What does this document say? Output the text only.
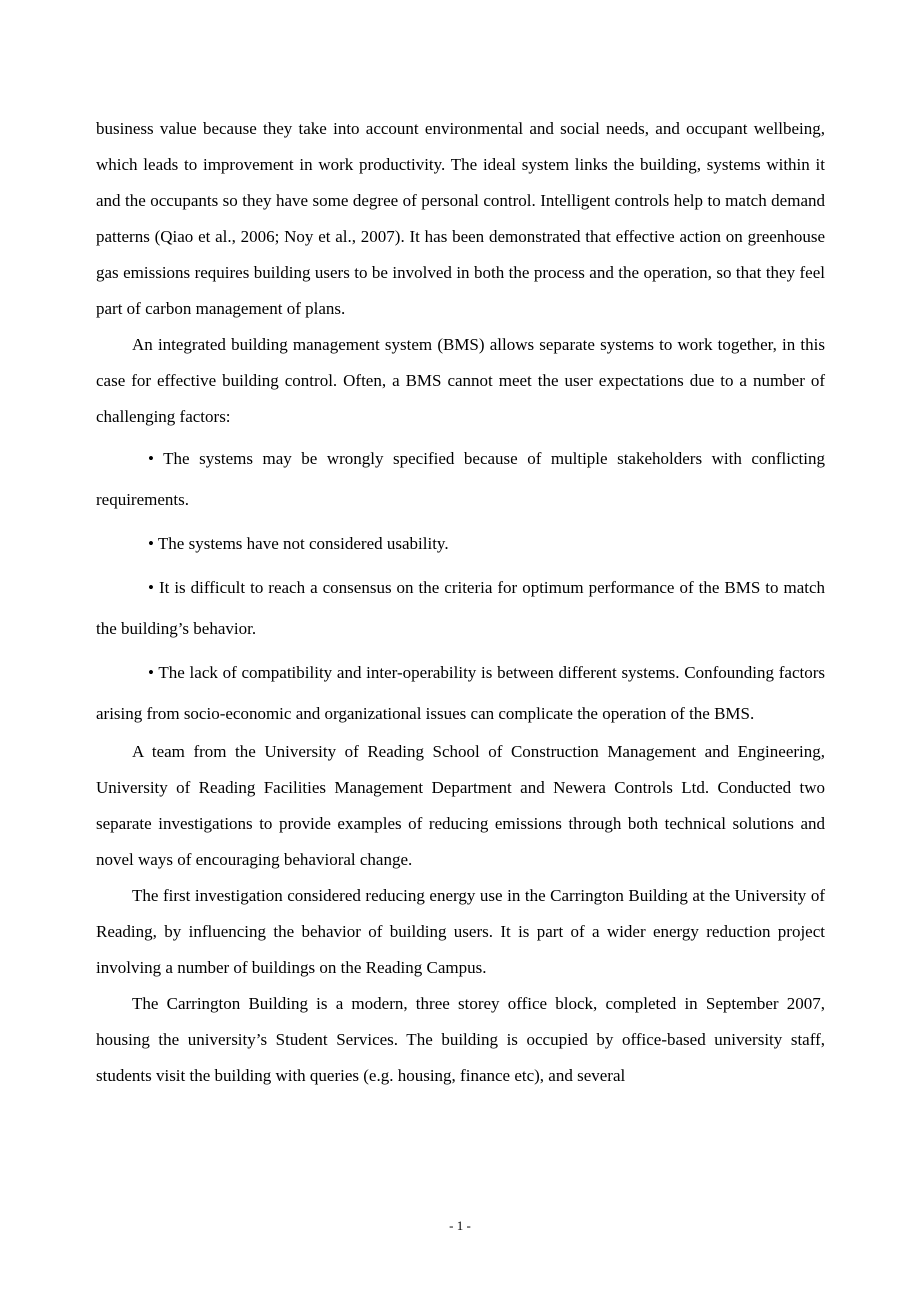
business value because they take into account environmental and social needs, and occupant wellbeing, which leads to improvement in work productivity. The ideal system links the building, systems within it and the occupants so they have some degree of personal control. Intelligent controls help to match demand patterns (Qiao et al., 2006; Noy et al., 2007). It has been demonstrated that effective action on greenhouse gas emissions requires building users to be involved in both the process and the operation, so that they feel part of carbon management of plans.

An integrated building management system (BMS) allows separate systems to work together, in this case for effective building control. Often, a BMS cannot meet the user expectations due to a number of challenging factors:

• The systems may be wrongly specified because of multiple stakeholders with conflicting requirements.

• The systems have not considered usability.

• It is difficult to reach a consensus on the criteria for optimum performance of the BMS to match the building’s behavior.

• The lack of compatibility and inter-operability is between different systems. Confounding factors arising from socio-economic and organizational issues can complicate the operation of the BMS.

A team from the University of Reading School of Construction Management and Engineering, University of Reading Facilities Management Department and Newera Controls Ltd. Conducted two separate investigations to provide examples of reducing emissions through both technical solutions and novel ways of encouraging behavioral change.

The first investigation considered reducing energy use in the Carrington Building at the University of Reading, by influencing the behavior of building users. It is part of a wider energy reduction project involving a number of buildings on the Reading Campus.

The Carrington Building is a modern, three storey office block, completed in September 2007, housing the university’s Student Services. The building is occupied by office-based university staff, students visit the building with queries (e.g. housing, finance etc), and several

- 1 -
